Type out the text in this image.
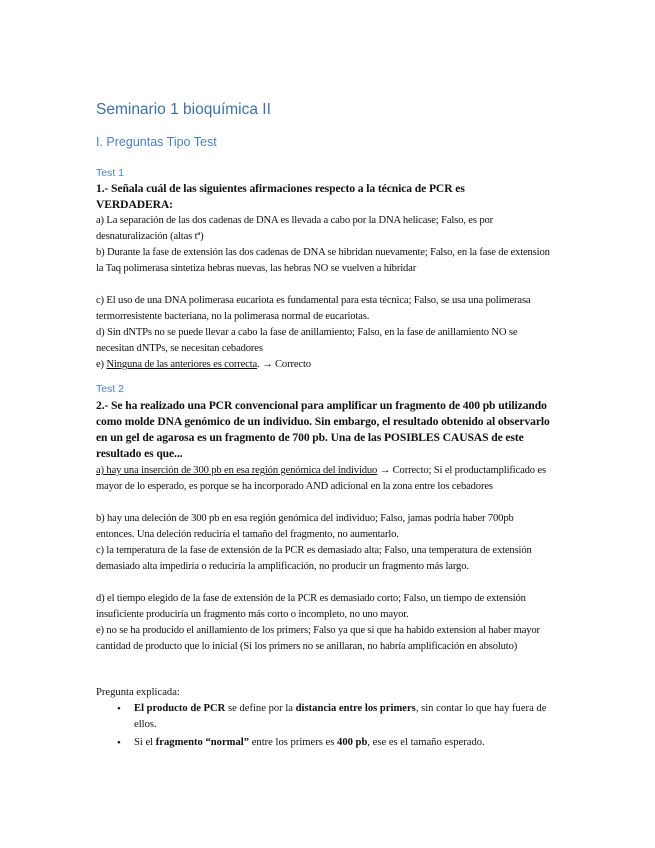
Seminario 1 bioquímica II
I. Preguntas Tipo Test
Test 1

1.- Señala cuál de las siguientes afirmaciones respecto a la técnica de PCR es
VERDADERA:

a) La separación de las dos cadenas de DNA es llevada a cabo por la DNA helicase; Falso, es por desnaturalización (altas tª)

b) Durante la fase de extensión las dos cadenas de DNA se hibridan nuevamente; Falso, en la fase de extension la Taq polimerasa sintetiza hebras nuevas, las hebras NO se vuelven a hibridar

c) El uso de una DNA polimerasa eucariota es fundamental para esta técnica; Falso, se usa una polimerasa termorresistente bacteriana, no la polimerasa normal de eucariotas.

d) Sin dNTPs no se puede llevar a cabo la fase de anillamiento; Falso, en la fase de anillamiento NO se necesitan dNTPs, se necesitan cebadores

e) Ninguna de las anteriores es correcta. → Correcto

Test 2

2.- Se ha realizado una PCR convencional para amplificar un fragmento de 400 pb utilizando como molde DNA genómico de un individuo. Sin embargo, el resultado obtenido al observarlo en un gel de agarosa es un fragmento de 700 pb. Una de las POSIBLES CAUSAS de este resultado es que...

a) hay una inserción de 300 pb en esa región genómica del individuo → Correcto; Si el productamplificado es mayor de lo esperado, es porque se ha incorporado AND adicional en la zona entre los cebadores

b) hay una deleción de 300 pb en esa región genómica del individuo; Falso, jamas podría haber 700pb entonces. Una deleción reduciría el tamaño del fragmento, no aumentarlo.

c) la temperatura de la fase de extensión de la PCR es demasiado alta; Falso, una temperatura de extensión demasiado alta impediría o reduciría la amplificación, no producir un fragmento más largo.

d) el tiempo elegido de la fase de extensión de la PCR es demasiado corto; Falso, un tiempo de extensión insuficiente produciría un fragmento más corto o incompleto, no uno mayor.

e) no se ha producido el anillamiento de los primers; Falso ya que si que ha habido extension al haber mayor cantidad de producto que lo inicial (Si los primers no se anillaran, no habría amplificación en absoluto)

Pregunta explicada:

• El producto de PCR se define por la distancia entre los primers, sin contar lo que hay fuera de ellos.
• Si el fragmento “normal” entre los primers es 400 pb, ese es el tamaño esperado.
